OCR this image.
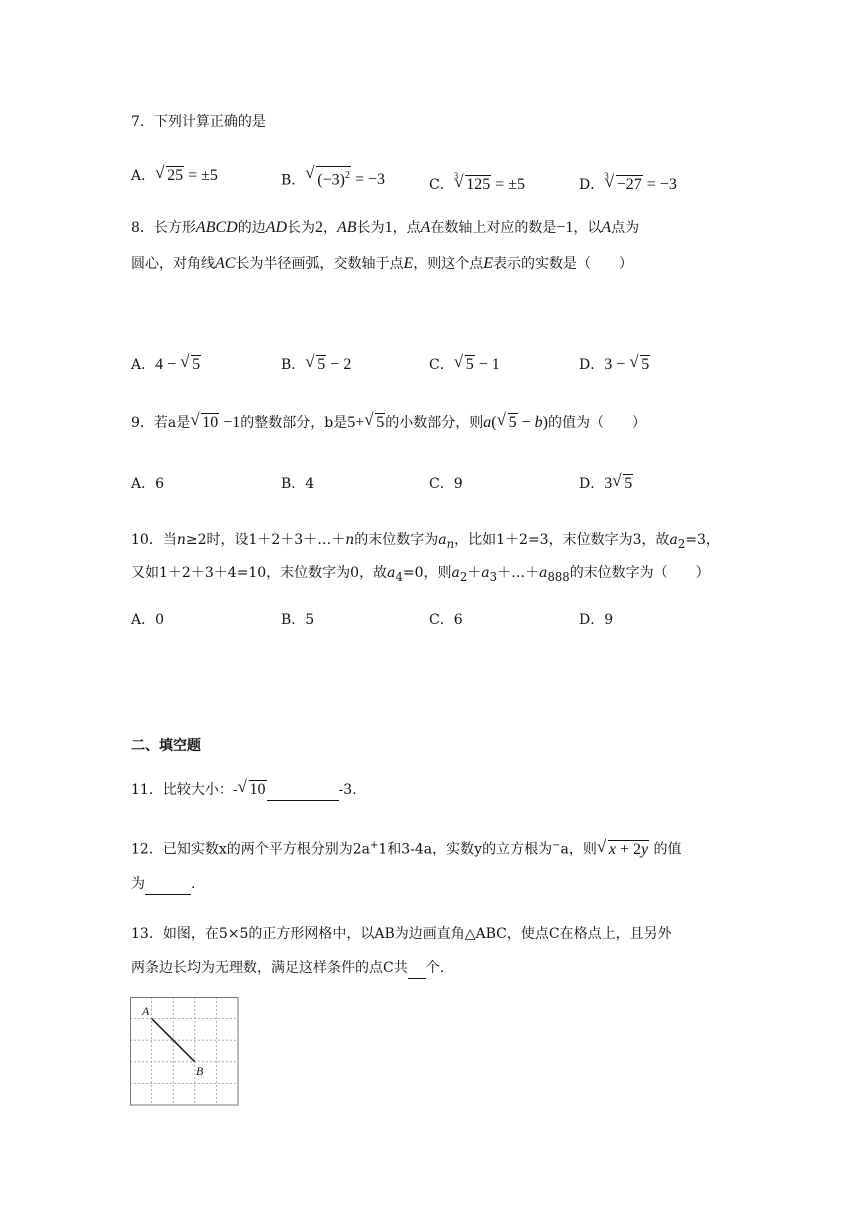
7．下列计算正确的是
A． √ 25 = ±5	B． √ $(-3)^2 = -3$	C．$^3$ √ 125 = ±5	D．$^3$ √ −27 = −3
8．长方形ABCD的边AD长为2，AB长为1，点A在数轴上对应的数是−1，以A点为
圆心，对角线AC长为半径画弧，交数轴于点E，则这个点E表示的实数是（　　）
A．4 − √ 5	B． √ 5 − 2	C． √ 5 − 1	D．3 − √ 5
9．若a是 √ 10 −1的整数部分，b是5+ √ 5的小数部分，则a( √ 5 − b)的值为（　　）
A．6	B．4	C．9	D．3 √ 5
10．当n≥2时，设1＋2＋3＋…＋n的末位数字为$a_n$，比如1＋2=3，末位数字为3，故$a_2=3$，
又如1＋2＋3＋4=10，末位数字为0，故$a_4=0$，则$a_2+a_3+\dots+a_{888}$的末位数字为（　　）
A．0	B．5	C．6	D．9
二、填空题
11．比较大小：- √ 10	-3.
12．已知实数x的两个平方根分别为2a+1和3-4a，实数y的立方根为−a，则 √ x + 2y 的值
为	.
13．如图，在5×5的正方形网格中，以AB为边画直角△ABC，使点C在格点上，且另外
两条边长均为无理数，满足这样条件的点C共 个.
A
B
